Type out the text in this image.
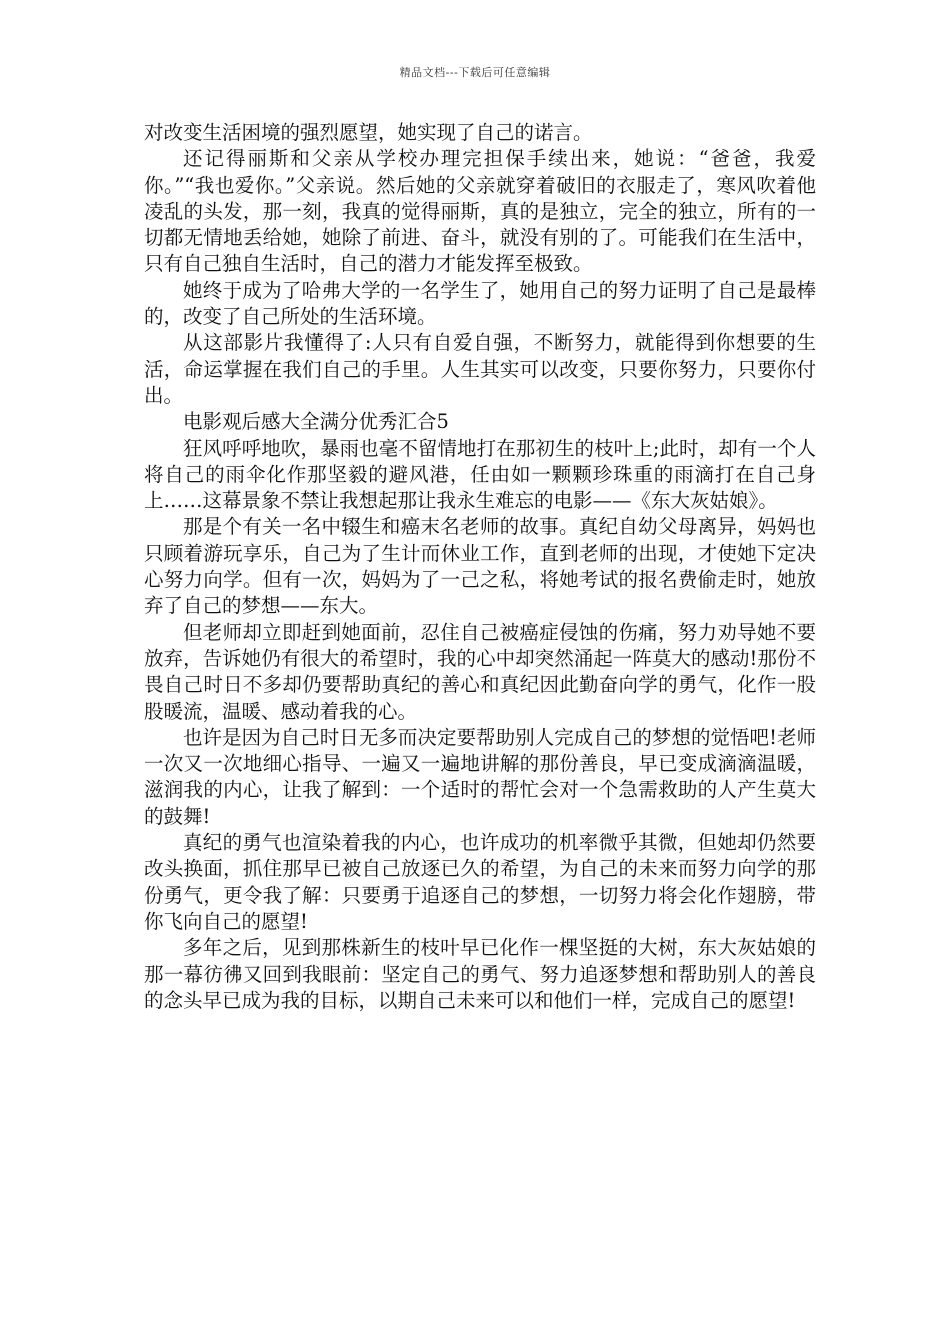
精品文档---下载后可任意编辑

对改变生活困境的强烈愿望，她实现了自己的诺言。

还记得丽斯和父亲从学校办理完担保手续出来，她说：“爸爸，我爱你。”“我也爱你。”父亲说。然后她的父亲就穿着破旧的衣服走了，寒风吹着他凌乱的头发，那一刻，我真的觉得丽斯，真的是独立，完全的独立，所有的一切都无情地丢给她，她除了前进、奋斗，就没有别的了。可能我们在生活中，只有自己独自生活时，自己的潜力才能发挥至极致。

她终于成为了哈弗大学的一名学生了，她用自己的努力证明了自己是最棒的，改变了自己所处的生活环境。

从这部影片我懂得了:人只有自爱自强，不断努力，就能得到你想要的生活，命运掌握在我们自己的手里。人生其实可以改变，只要你努力，只要你付出。

电影观后感大全满分优秀汇合5

狂风呼呼地吹，暴雨也毫不留情地打在那初生的枝叶上;此时，却有一个人将自己的雨伞化作那坚毅的避风港，任由如一颗颗珍珠重的雨滴打在自己身上……这幕景象不禁让我想起那让我永生难忘的电影——《东大灰姑娘》。

那是个有关一名中辍生和癌末名老师的故事。真纪自幼父母离异，妈妈也只顾着游玩享乐，自己为了生计而休业工作，直到老师的出现，才使她下定决心努力向学。但有一次，妈妈为了一己之私，将她考试的报名费偷走时，她放弃了自己的梦想——东大。

但老师却立即赶到她面前，忍住自己被癌症侵蚀的伤痛，努力劝导她不要放弃，告诉她仍有很大的希望时，我的心中却突然涌起一阵莫大的感动!那份不畏自己时日不多却仍要帮助真纪的善心和真纪因此勤奋向学的勇气，化作一股股暖流，温暖、感动着我的心。

也许是因为自己时日无多而决定要帮助别人完成自己的梦想的觉悟吧!老师一次又一次地细心指导、一遍又一遍地讲解的那份善良，早已变成滴滴温暖，滋润我的内心，让我了解到：一个适时的帮忙会对一个急需救助的人产生莫大的鼓舞!

真纪的勇气也渲染着我的内心，也许成功的机率微乎其微，但她却仍然要改头换面，抓住那早已被自己放逐已久的希望，为自己的未来而努力向学的那份勇气，更令我了解：只要勇于追逐自己的梦想，一切努力将会化作翅膀，带你飞向自己的愿望!

多年之后，见到那株新生的枝叶早已化作一棵坚挺的大树，东大灰姑娘的那一幕彷彿又回到我眼前：坚定自己的勇气、努力追逐梦想和帮助别人的善良的念头早已成为我的目标，以期自己未来可以和他们一样，完成自己的愿望!
